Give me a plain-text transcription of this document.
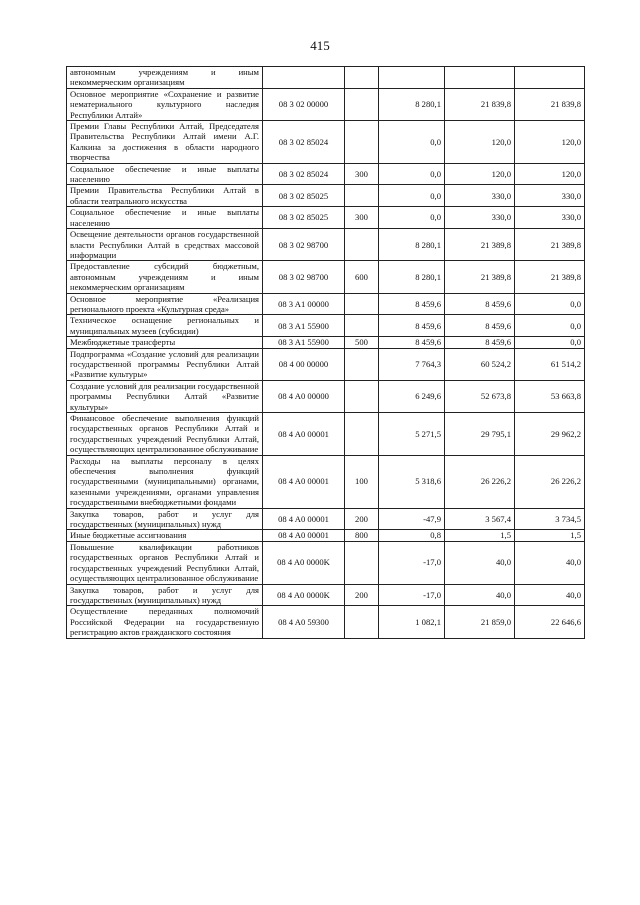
415
автономным учреждениям и иным некоммерческим организациям					
Основное мероприятие «Сохранение и развитие нематериального культурного наследия Республики Алтай»	08 3 02 00000		8 280,1	21 839,8	21 839,8
Премии Главы Республики Алтай, Председателя Правительства Республики Алтай имени А.Г. Калкина за достижения в области народного творчества	08 3 02 85024		0,0	120,0	120,0
Социальное обеспечение и иные выплаты населению	08 3 02 85024	300	0,0	120,0	120,0
Премии Правительства Республики Алтай в области театрального искусства	08 3 02 85025		0,0	330,0	330,0
Социальное обеспечение и иные выплаты населению	08 3 02 85025	300	0,0	330,0	330,0
Освещение деятельности органов государственной власти Республики Алтай в средствах массовой информации	08 3 02 98700		8 280,1	21 389,8	21 389,8
Предоставление субсидий бюджетным, автономным учреждениям и иным некоммерческим организациям	08 3 02 98700	600	8 280,1	21 389,8	21 389,8
Основное мероприятие «Реализация регионального проекта «Культурная среда»	08 3 A1 00000		8 459,6	8 459,6	0,0
Техническое оснащение региональных и муниципальных музеев (субсидии)	08 3 A1 55900		8 459,6	8 459,6	0,0
Межбюджетные трансферты	08 3 A1 55900	500	8 459,6	8 459,6	0,0
Подпрограмма «Создание условий для реализации государственной программы Республики Алтай «Развитие культуры»	08 4 00 00000		7 764,3	60 524,2	61 514,2
Создание условий для реализации государственной программы Республики Алтай «Развитие культуры»	08 4 A0 00000		6 249,6	52 673,8	53 663,8
Финансовое обеспечение выполнения функций государственных органов Республики Алтай и государственных учреждений Республики Алтай, осуществляющих централизованное обслуживание	08 4 A0 00001		5 271,5	29 795,1	29 962,2
Расходы на выплаты персоналу в целях обеспечения выполнения функций государственными (муниципальными) органами, казенными учреждениями, органами управления государственными внебюджетными фондами	08 4 A0 00001	100	5 318,6	26 226,2	26 226,2
Закупка товаров, работ и услуг для государственных (муниципальных) нужд	08 4 A0 00001	200	-47,9	3 567,4	3 734,5
Иные бюджетные ассигнования	08 4 A0 00001	800	0,8	1,5	1,5
Повышение квалификации работников государственных органов Республики Алтай и государственных учреждений Республики Алтай, осуществляющих централизованное обслуживание	08 4 A0 0000K		-17,0	40,0	40,0
Закупка товаров, работ и услуг для государственных (муниципальных) нужд	08 4 A0 0000K	200	-17,0	40,0	40,0
Осуществление переданных полномочий Российской Федерации на государственную регистрацию актов гражданского состояния	08 4 A0 59300		1 082,1	21 859,0	22 646,6
